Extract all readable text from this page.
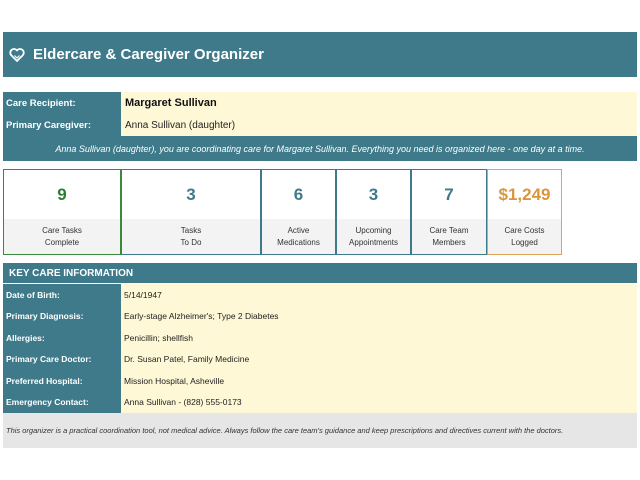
Eldercare & Caregiver Organizer
Care Recipient:	Margaret Sullivan
Primary Caregiver:	Anna Sullivan (daughter)
Anna Sullivan (daughter), you are coordinating care for Margaret Sullivan. Everything you need is organized here - one day at a time.
9
Care Tasks
Complete
3
Tasks
To Do
6
Active
Medications
3
Upcoming
Appointments
7
Care Team
Members
$1,249
Care Costs
Logged
KEY CARE INFORMATION
Date of Birth:	5/14/1947
Primary Diagnosis:	Early-stage Alzheimer's; Type 2 Diabetes
Allergies:	Penicillin; shellfish
Primary Care Doctor:	Dr. Susan Patel, Family Medicine
Preferred Hospital:	Mission Hospital, Asheville
Emergency Contact:	Anna Sullivan - (828) 555-0173
This organizer is a practical coordination tool, not medical advice. Always follow the care team's guidance and keep prescriptions and directives current with the doctors.
